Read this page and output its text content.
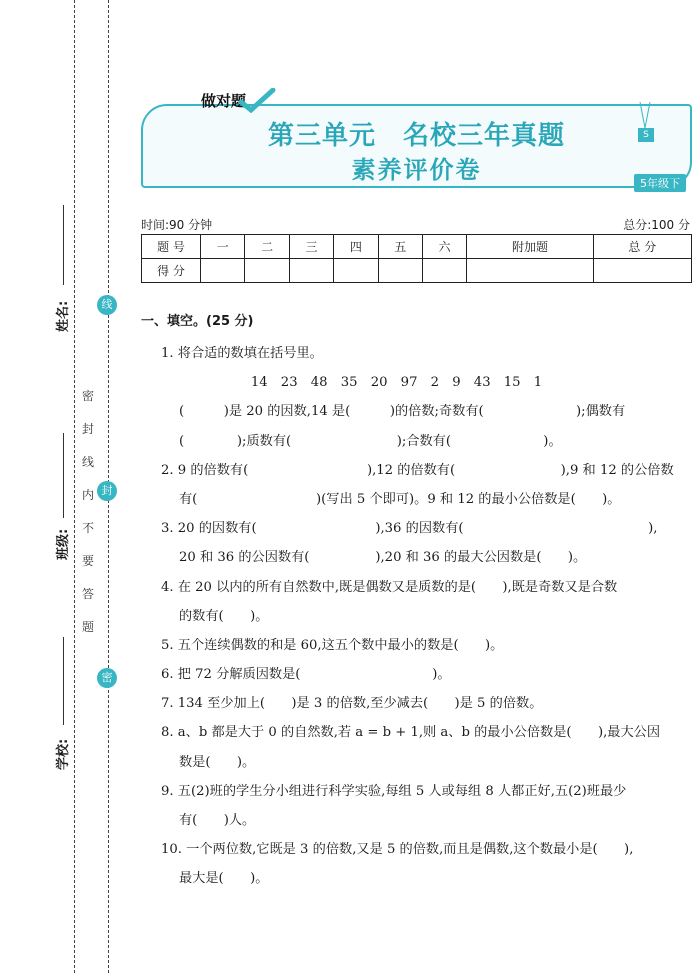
姓名:
班级:
学校:
密
封
线
内
不
要
答
题
线
封
密
做对题
S
第三单元　名校三年真题
素养评价卷	5年级下
时间:90 分钟	总分:100 分
题 号	一	二	三	四	五	六	附加题	总 分
得 分								
一、填空。(25 分)
1. 将合适的数填在括号里。
14　23　48　35　20　97　2　9　43　15　1
(　　　)是 20 的因数,14 是(　　　)的倍数;奇数有(　　　　　　　);偶数有
(　　　　);质数有(　　　　　　　　);合数有(　　　　　　　)。
2. 9 的倍数有(　　　　　　　　　),12 的倍数有(　　　　　　　　),9 和 12 的公倍数
有(　　　　　　　　　)(写出 5 个即可)。9 和 12 的最小公倍数是(　　)。
3. 20 的因数有(　　　　　　　　　),36 的因数有(　　　　　　　　　　　　　　),
20 和 36 的公因数有(　　　　　),20 和 36 的最大公因数是(　　)。
4. 在 20 以内的所有自然数中,既是偶数又是质数的是(　　),既是奇数又是合数
的数有(　　)。
5. 五个连续偶数的和是 60,这五个数中最小的数是(　　)。
6. 把 72 分解质因数是(　　　　　　　　　　)。
7. 134 至少加上(　　)是 3 的倍数,至少减去(　　)是 5 的倍数。
8. a、b 都是大于 0 的自然数,若 a = b + 1,则 a、b 的最小公倍数是(　　),最大公因
数是(　　)。
9. 五(2)班的学生分小组进行科学实验,每组 5 人或每组 8 人都正好,五(2)班最少
有(　　)人。
10. 一个两位数,它既是 3 的倍数,又是 5 的倍数,而且是偶数,这个数最小是(　　),
最大是(　　)。
